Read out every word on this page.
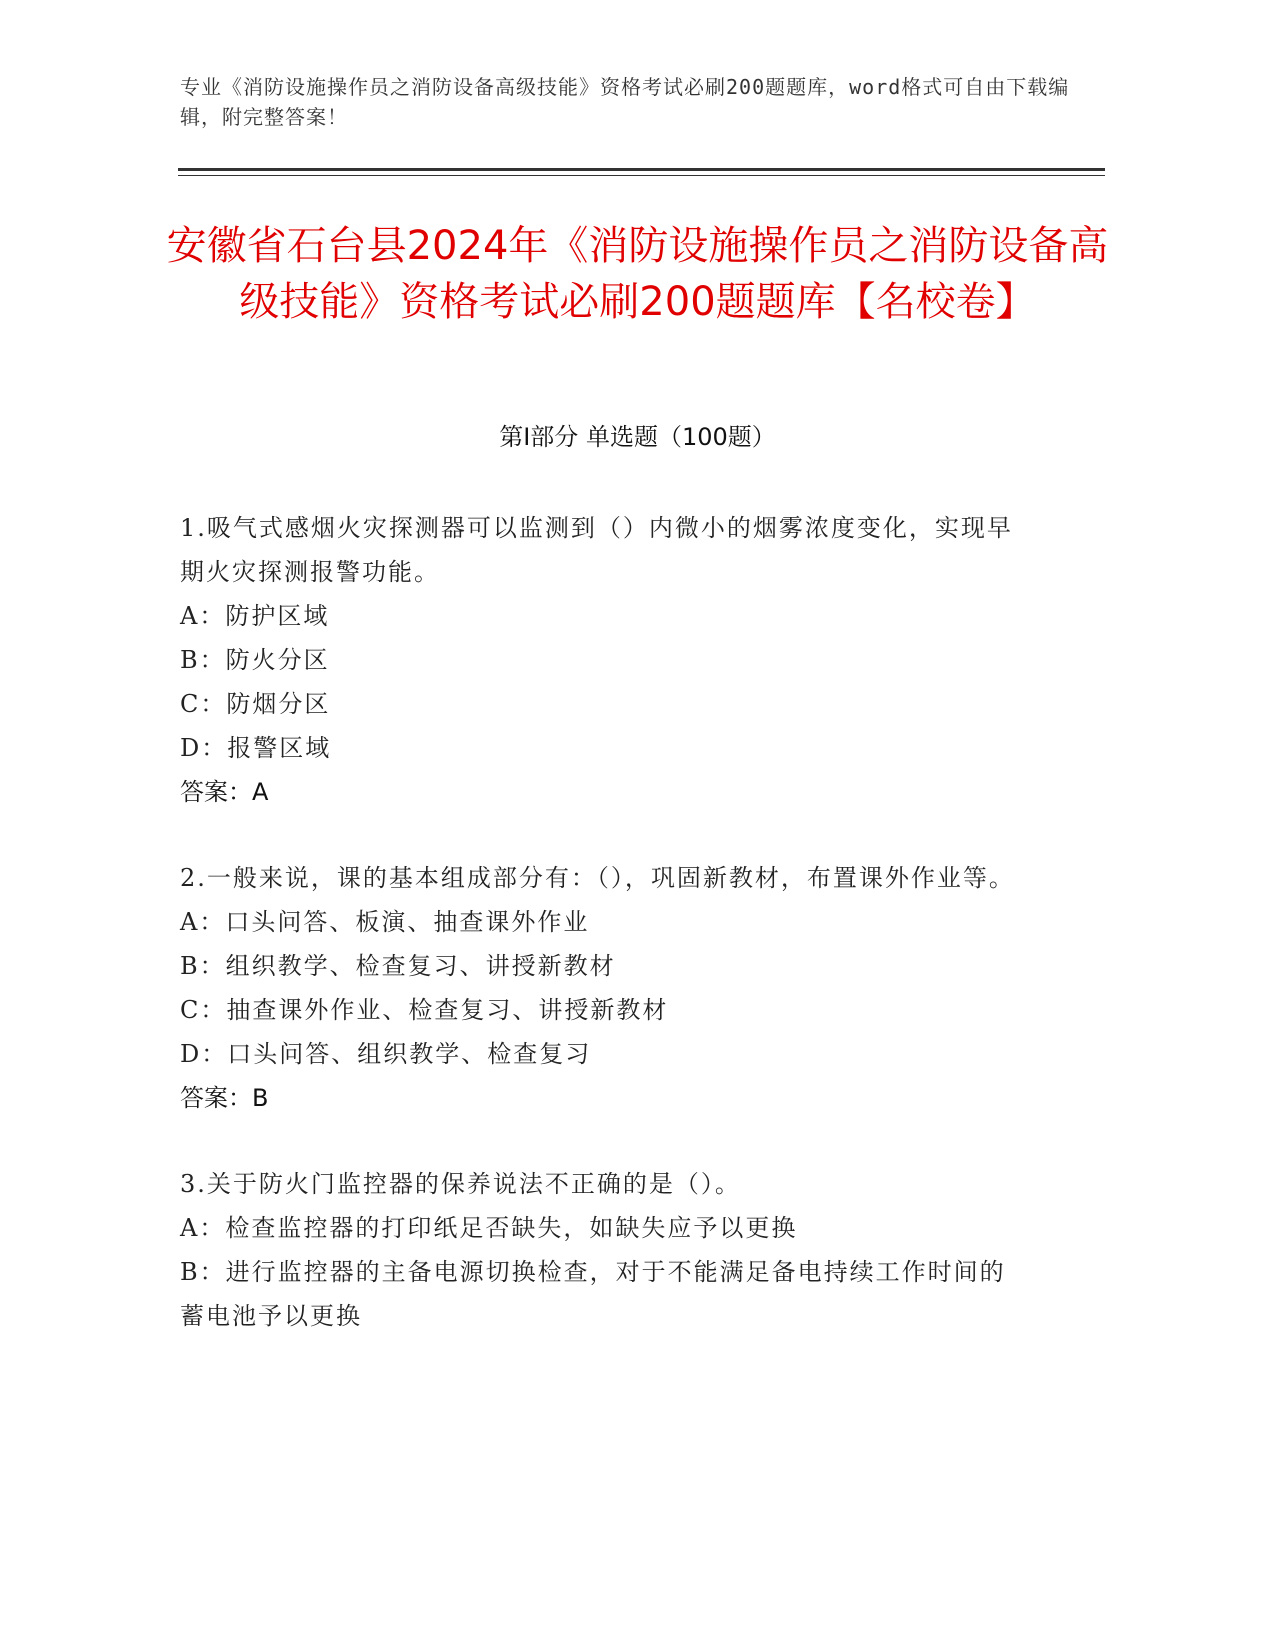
专业《消防设施操作员之消防设备高级技能》资格考试必刷200题题库，word格式可自由下载编辑，附完整答案！
安徽省石台县2024年《消防设施操作员之消防设备高级技能》资格考试必刷200题题库【名校卷】
第I部分 单选题（100题）
1.吸气式感烟火灾探测器可以监测到（）内微小的烟雾浓度变化，实现早期火灾探测报警功能。
A：防护区域
B：防火分区
C：防烟分区
D：报警区域
答案：A
2.一般来说，课的基本组成部分有：（），巩固新教材，布置课外作业等。
A：口头问答、板演、抽查课外作业
B：组织教学、检查复习、讲授新教材
C：抽查课外作业、检查复习、讲授新教材
D：口头问答、组织教学、检查复习
答案：B
3.关于防火门监控器的保养说法不正确的是（）。
A：检查监控器的打印纸足否缺失，如缺失应予以更换
B：进行监控器的主备电源切换检查，对于不能满足备电持续工作时间的蓄电池予以更换
